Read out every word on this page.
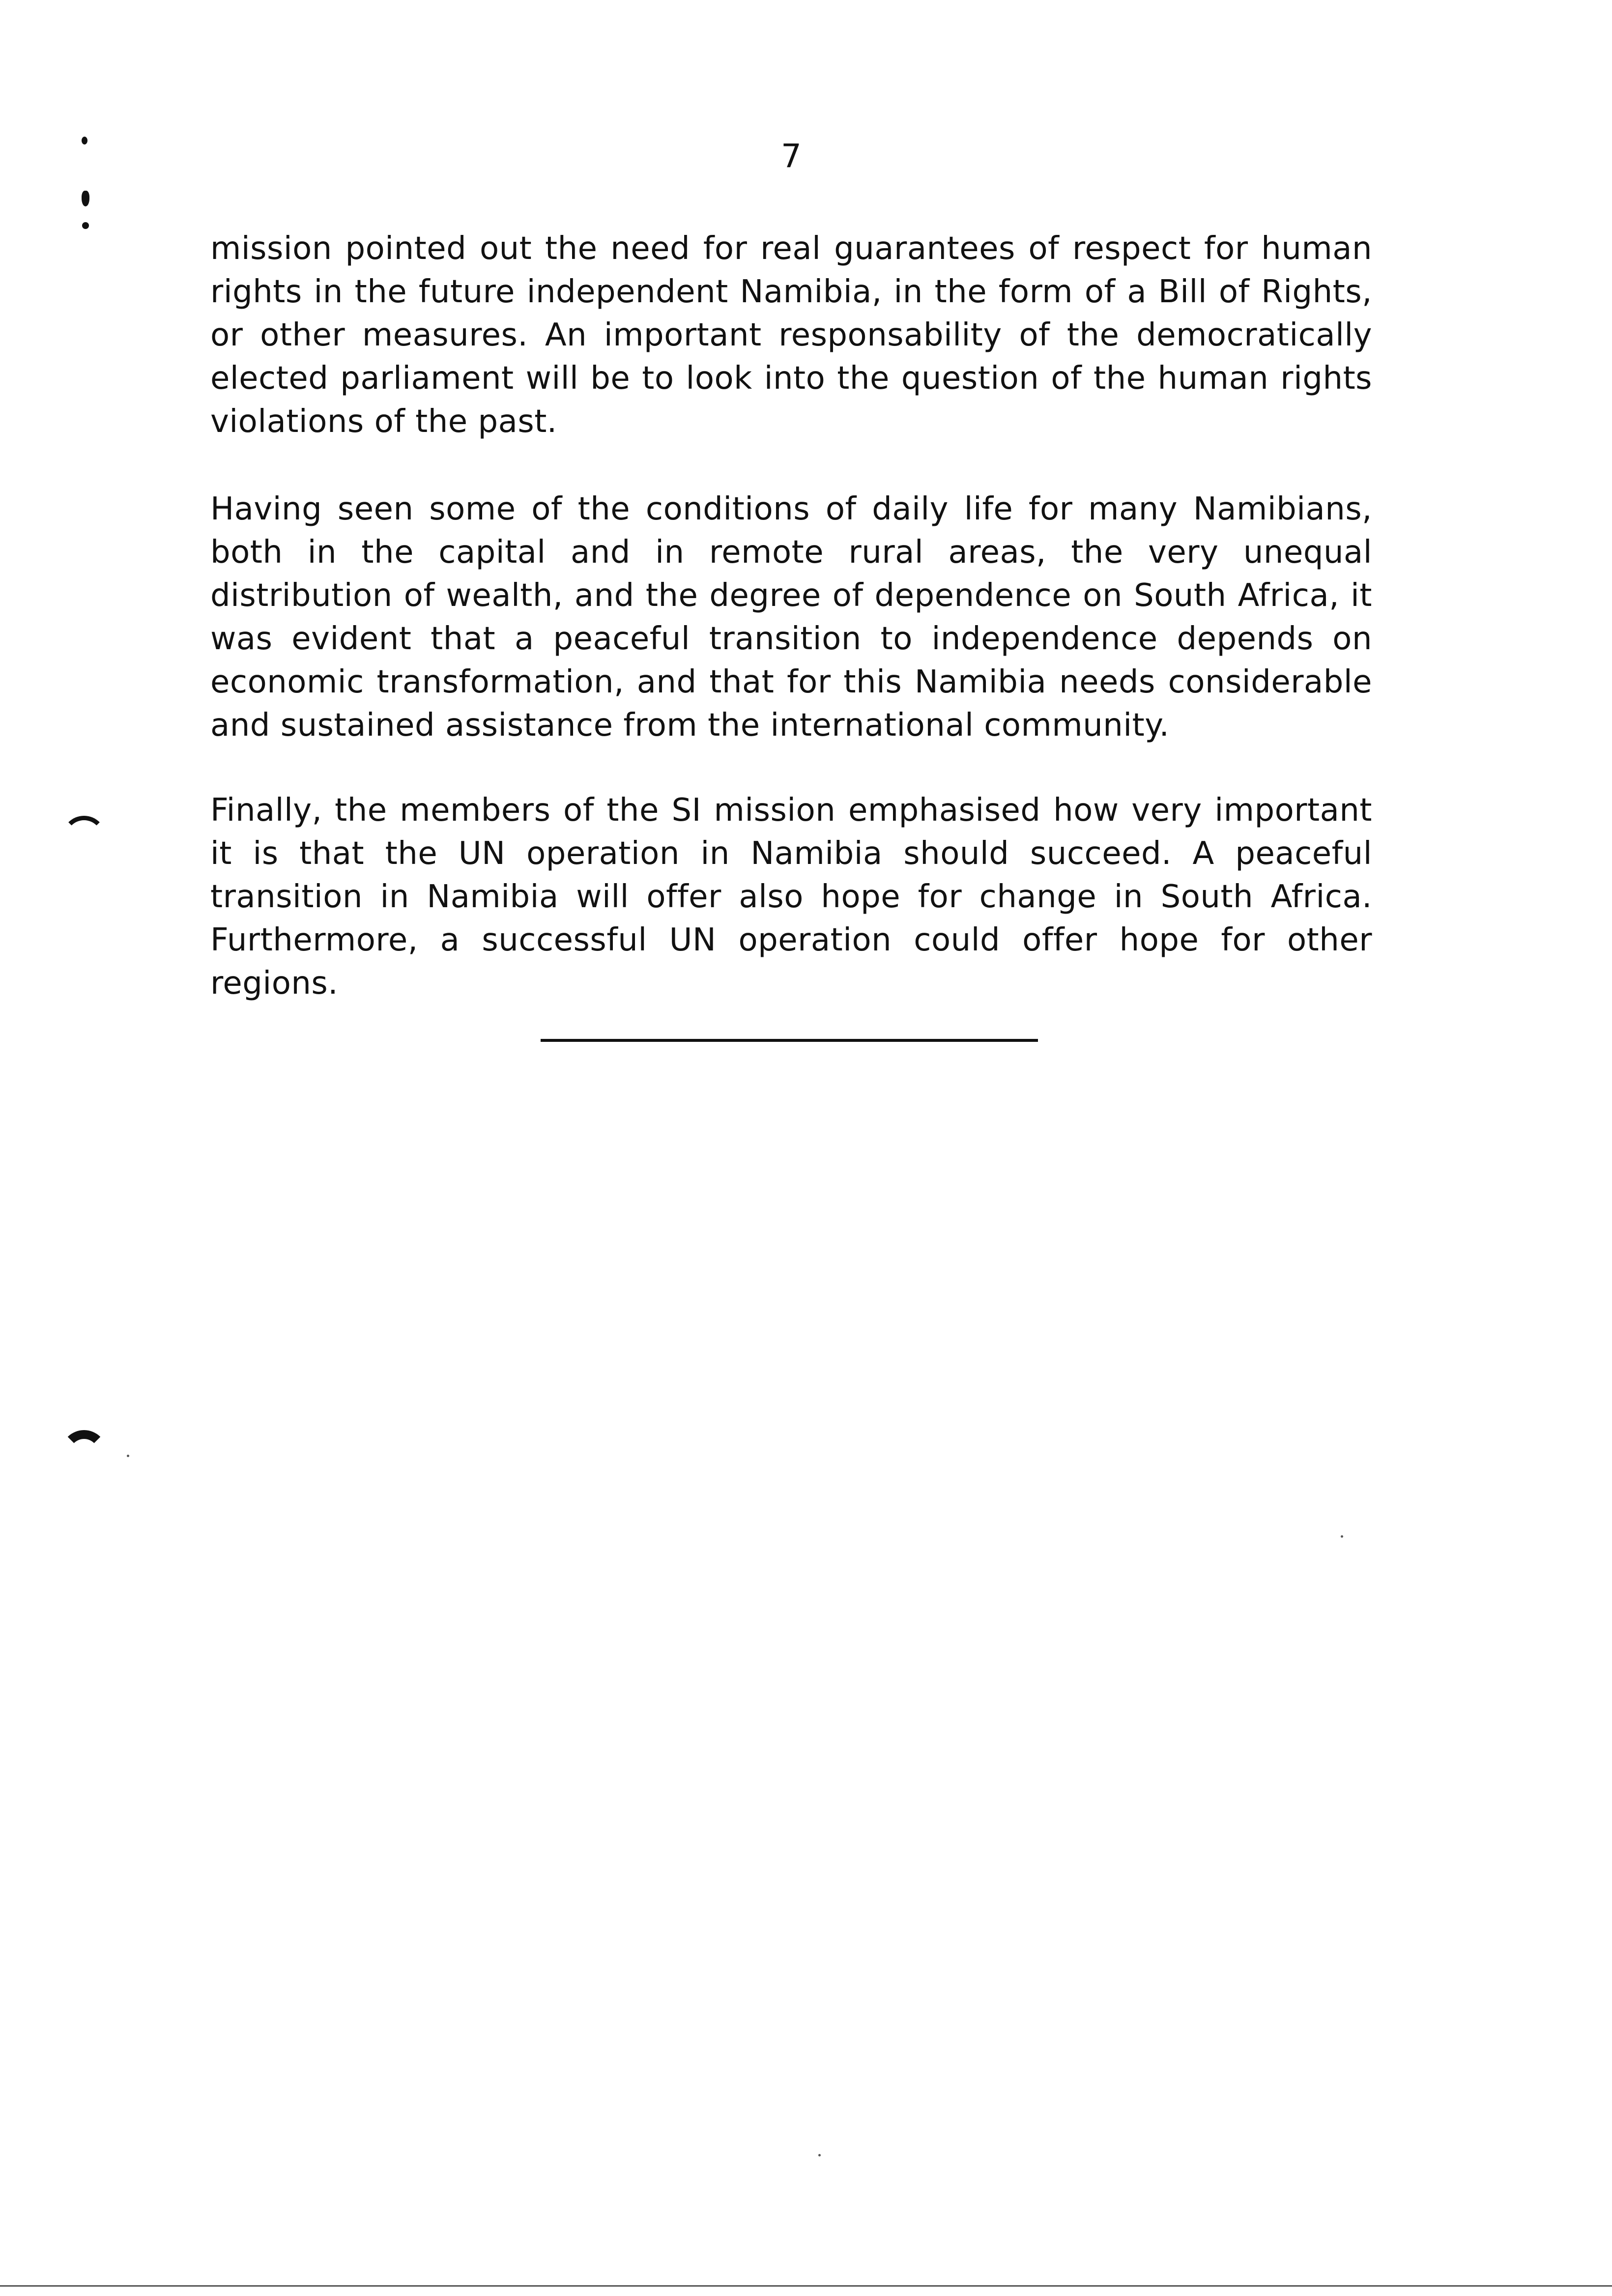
7
mission pointed out the need for real guarantees of respect for human rights in the future independent Namibia, in the form of a Bill of Rights, or other measures. An important responsability of the democratically elected parliament will be to look into the question of the human rights violations of the past.
Having seen some of the conditions of daily life for many Namibians, both in the capital and in remote rural areas, the very unequal distribution of wealth, and the degree of dependence on South Africa, it was evident that a peaceful transition to independence depends on economic transformation, and that for this Namibia needs considerable and sustained assistance from the international community.
Finally, the members of the SI mission emphasised how very important it is that the UN operation in Namibia should succeed. A peaceful transition in Namibia will offer also hope for change in South Africa. Furthermore, a successful UN operation could offer hope for other regions.
